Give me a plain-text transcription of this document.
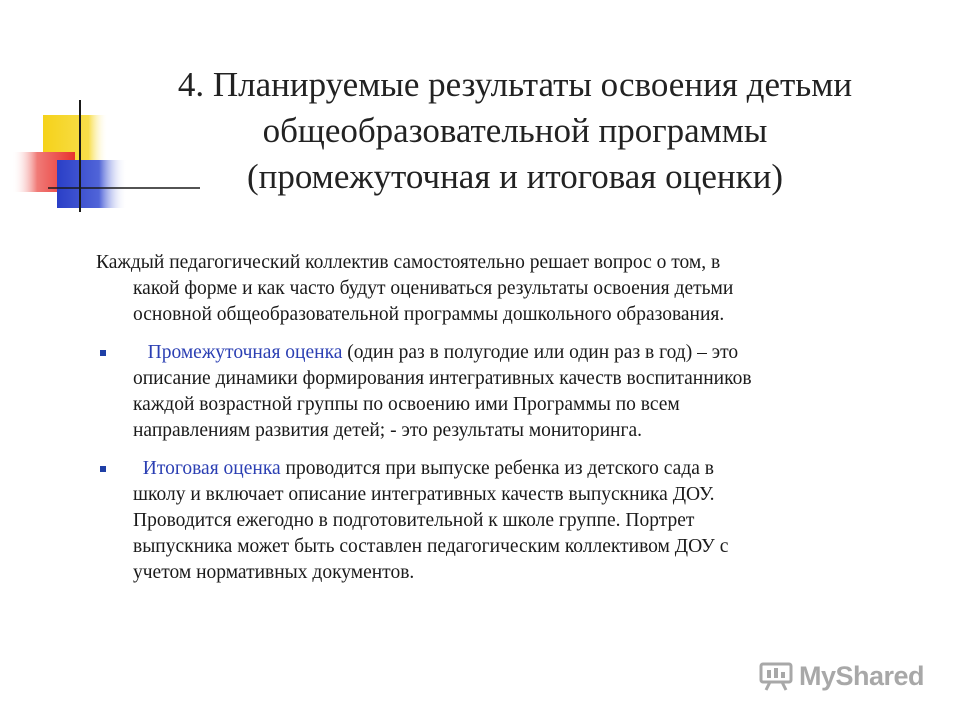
4. Планируемые результаты освоения детьми
общеобразовательной программы
(промежуточная и итоговая оценки)

Каждый педагогический коллектив самостоятельно решает вопрос о том, в
какой форме и как часто будут оцениваться результаты освоения детьми
основной общеобразовательной программы дошкольного образования.

Промежуточная оценка (один раз в полугодие или один раз в год) – это
описание динамики формирования интегративных качеств воспитанников
каждой возрастной группы по освоению ими Программы по всем
направлениям развития детей; - это результаты мониторинга.
Итоговая оценка проводится при выпуске ребенка из детского сада в
школу и включает описание интегративных качеств выпускника ДОУ.
Проводится ежегодно в подготовительной к школе группе. Портрет
выпускника может быть составлен педагогическим коллективом ДОУ с
учетом нормативных документов.
MyShared
